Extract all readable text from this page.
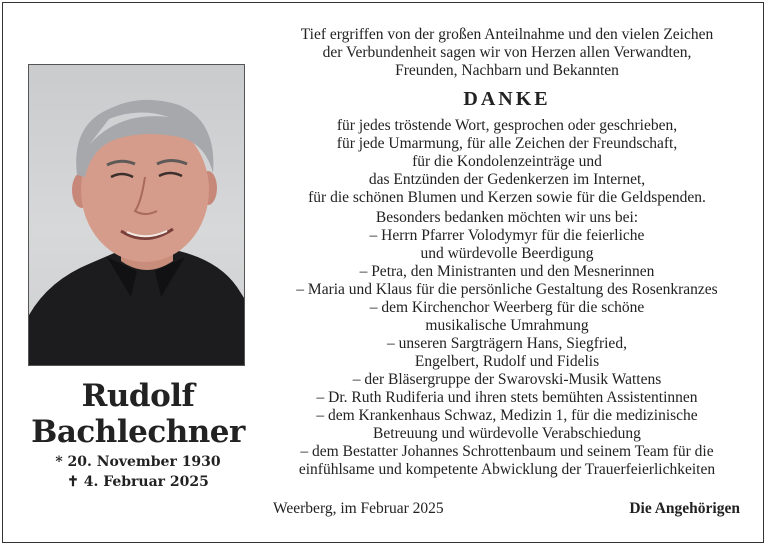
Rudolf
Bachlechner
* 20. November 1930
✝ 4. Februar 2025
Tief ergriffen von der großen Anteilnahme und den vielen Zeichen
der Verbundenheit sagen wir von Herzen allen Verwandten,
Freunden, Nachbarn und Bekannten
DANKE
für jedes tröstende Wort, gesprochen oder geschrieben,
für jede Umarmung, für alle Zeichen der Freundschaft,
für die Kondolenzeinträge und
das Entzünden der Gedenkerzen im Internet,
für die schönen Blumen und Kerzen sowie für die Geldspenden.
Besonders bedanken möchten wir uns bei:
– Herrn Pfarrer Volodymyr für die feierliche
und würdevolle Beerdigung
– Petra, den Ministranten und den Mesnerinnen
– Maria und Klaus für die persönliche Gestaltung des Rosenkranzes
– dem Kirchenchor Weerberg für die schöne
musikalische Umrahmung
– unseren Sargträgern Hans, Siegfried,
Engelbert, Rudolf und Fidelis
– der Bläsergruppe der Swarovski-Musik Wattens
– Dr. Ruth Rudiferia und ihren stets bemühten Assistentinnen
– dem Krankenhaus Schwaz, Medizin 1, für die medizinische
Betreuung und würdevolle Verabschiedung
– dem Bestatter Johannes Schrottenbaum und seinem Team für die
einfühlsame und kompetente Abwicklung der Trauerfeierlichkeiten
Weerberg, im Februar 2025	Die Angehörigen
